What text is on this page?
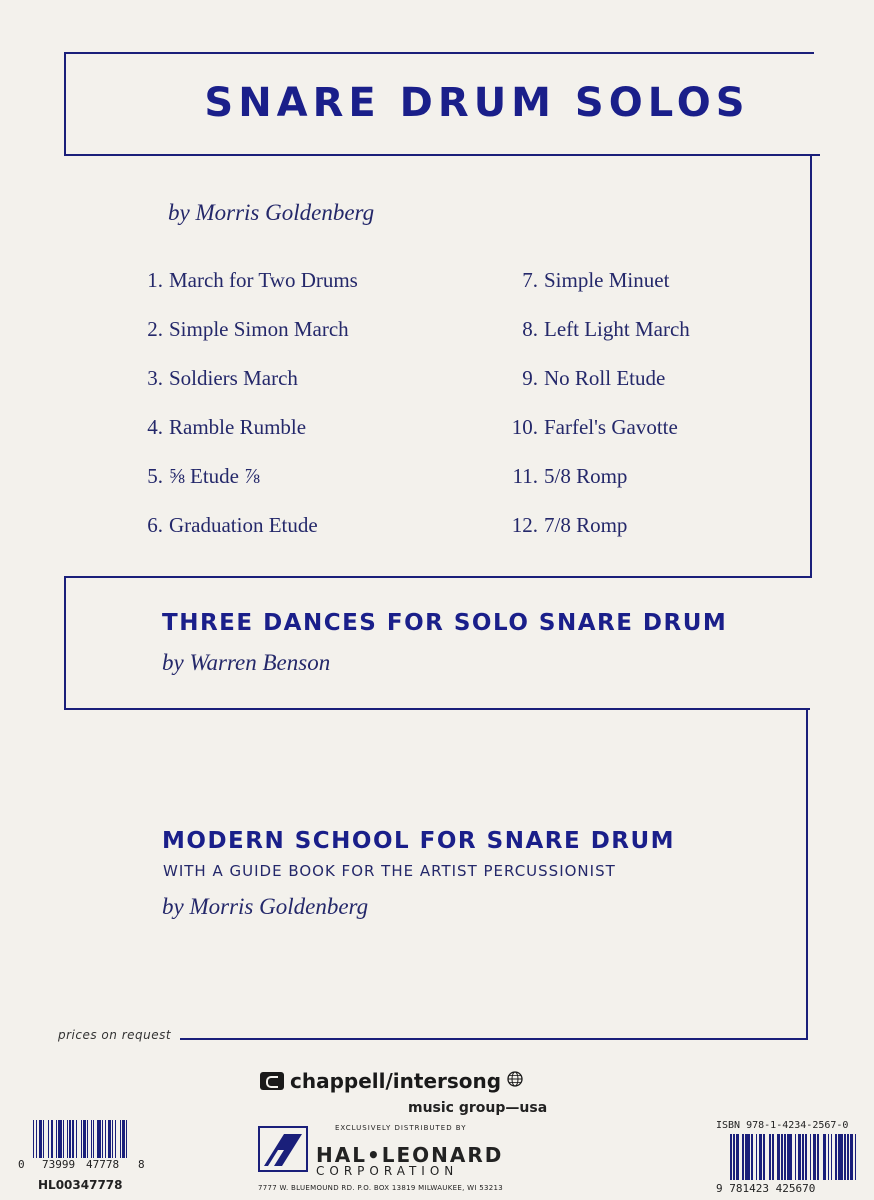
SNARE DRUM SOLOS
by Morris Goldenberg
1. March for Two Drums
2. Simple Simon March
3. Soldiers March
4. Ramble Rumble
5. ⅝ Etude ⅞
6. Graduation Etude
7. Simple Minuet
8. Left Light March
9. No Roll Etude
10. Farfel's Gavotte
11. 5/8 Romp
12. 7/8 Romp
THREE DANCES FOR SOLO SNARE DRUM
by Warren Benson
MODERN SCHOOL FOR SNARE DRUM
WITH A GUIDE BOOK FOR THE ARTIST PERCUSSIONIST
by Morris Goldenberg
prices on request
chappell/intersong
music group—usa
EXCLUSIVELY DISTRIBUTED BY
HAL•LEONARD
CORPORATION
7777 W. BLUEMOUND RD. P.O. BOX 13819 MILWAUKEE, WI 53213
0 73999 47778 8
HL00347778
ISBN 978-1-4234-2567-0
9 781423 425670
